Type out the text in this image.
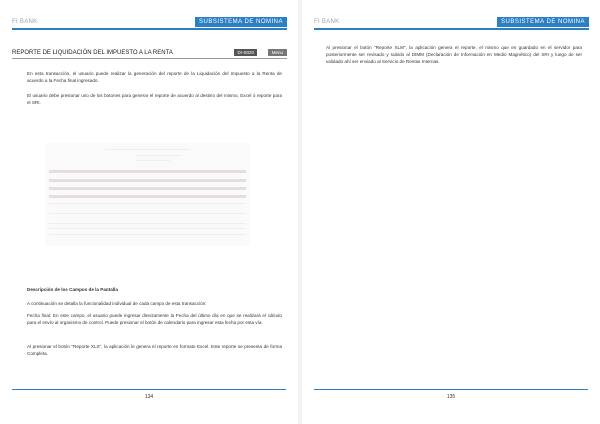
FI BANK	SUBSISTEMA DE NOMINA
REPORTE DE LIQUIDACIÓN DEL IMPUESTO A LA RENTA	DI-S020	Menu
En esta transacción, el usuario puede realizar la generación del reporte de la Liquidación del Impuesto a la Renta de acuerdo a la Fecha final ingresado.
El usuario debe presionar uno de los botones para generar el reporte de acuerdo al destino del mismo, Excel ó reporte para el SRI.
Descripción de los Campos de la Pantalla
A continuación se detalla la funcionalidad individual de cada campo de esta transacción:
Fecha final: En este campo, el usuario puede ingresar directamente la Fecha del último día en que se realizará el cálculo para el envío al organismo de control. Puede presionar el botón de calendario para ingresar esta fecha por esta vía.
Al presionar el botón "Reporte XLS", la aplicación le genera el reporte en formato Excel. Este reporte se presenta de forma Completa.
134
FI BANK	SUBSISTEMA DE NOMINA
Al presionar el botón "Reporte XLM", la aplicación genera el reporte, el mismo que es guardado en el servidor para posteriormente ser revisado y subido al DIMM (Declaración de Información en Medio Magnético) del SRI y luego de ser validado ahí ser enviado al Servicio de Rentas Internas.
135
